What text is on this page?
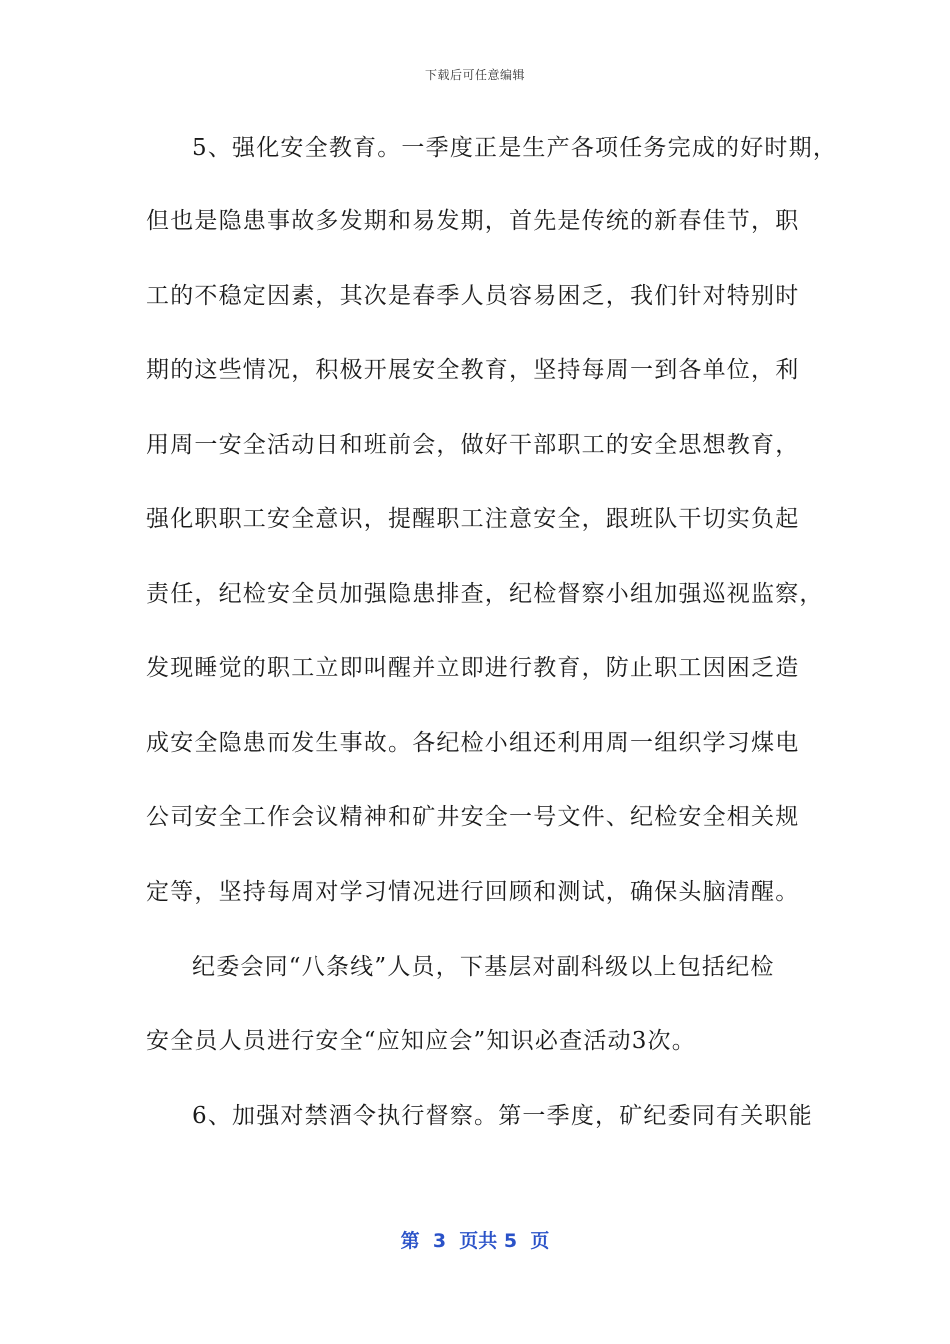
下载后可任意编辑
5、强化安全教育。一季度正是生产各项任务完成的好时期，
但也是隐患事故多发期和易发期，首先是传统的新春佳节，职
工的不稳定因素，其次是春季人员容易困乏，我们针对特别时
期的这些情况，积极开展安全教育，坚持每周一到各单位，利
用周一安全活动日和班前会，做好干部职工的安全思想教育，
强化职职工安全意识，提醒职工注意安全，跟班队干切实负起
责任，纪检安全员加强隐患排查，纪检督察小组加强巡视监察，
发现睡觉的职工立即叫醒并立即进行教育，防止职工因困乏造
成安全隐患而发生事故。各纪检小组还利用周一组织学习煤电
公司安全工作会议精神和矿井安全一号文件、纪检安全相关规
定等，坚持每周对学习情况进行回顾和测试，确保头脑清醒。
纪委会同“八条线”人员，下基层对副科级以上包括纪检
安全员人员进行安全“应知应会”知识必查活动3次。
6、加强对禁酒令执行督察。第一季度，矿纪委同有关职能
第  3  页共 5  页
